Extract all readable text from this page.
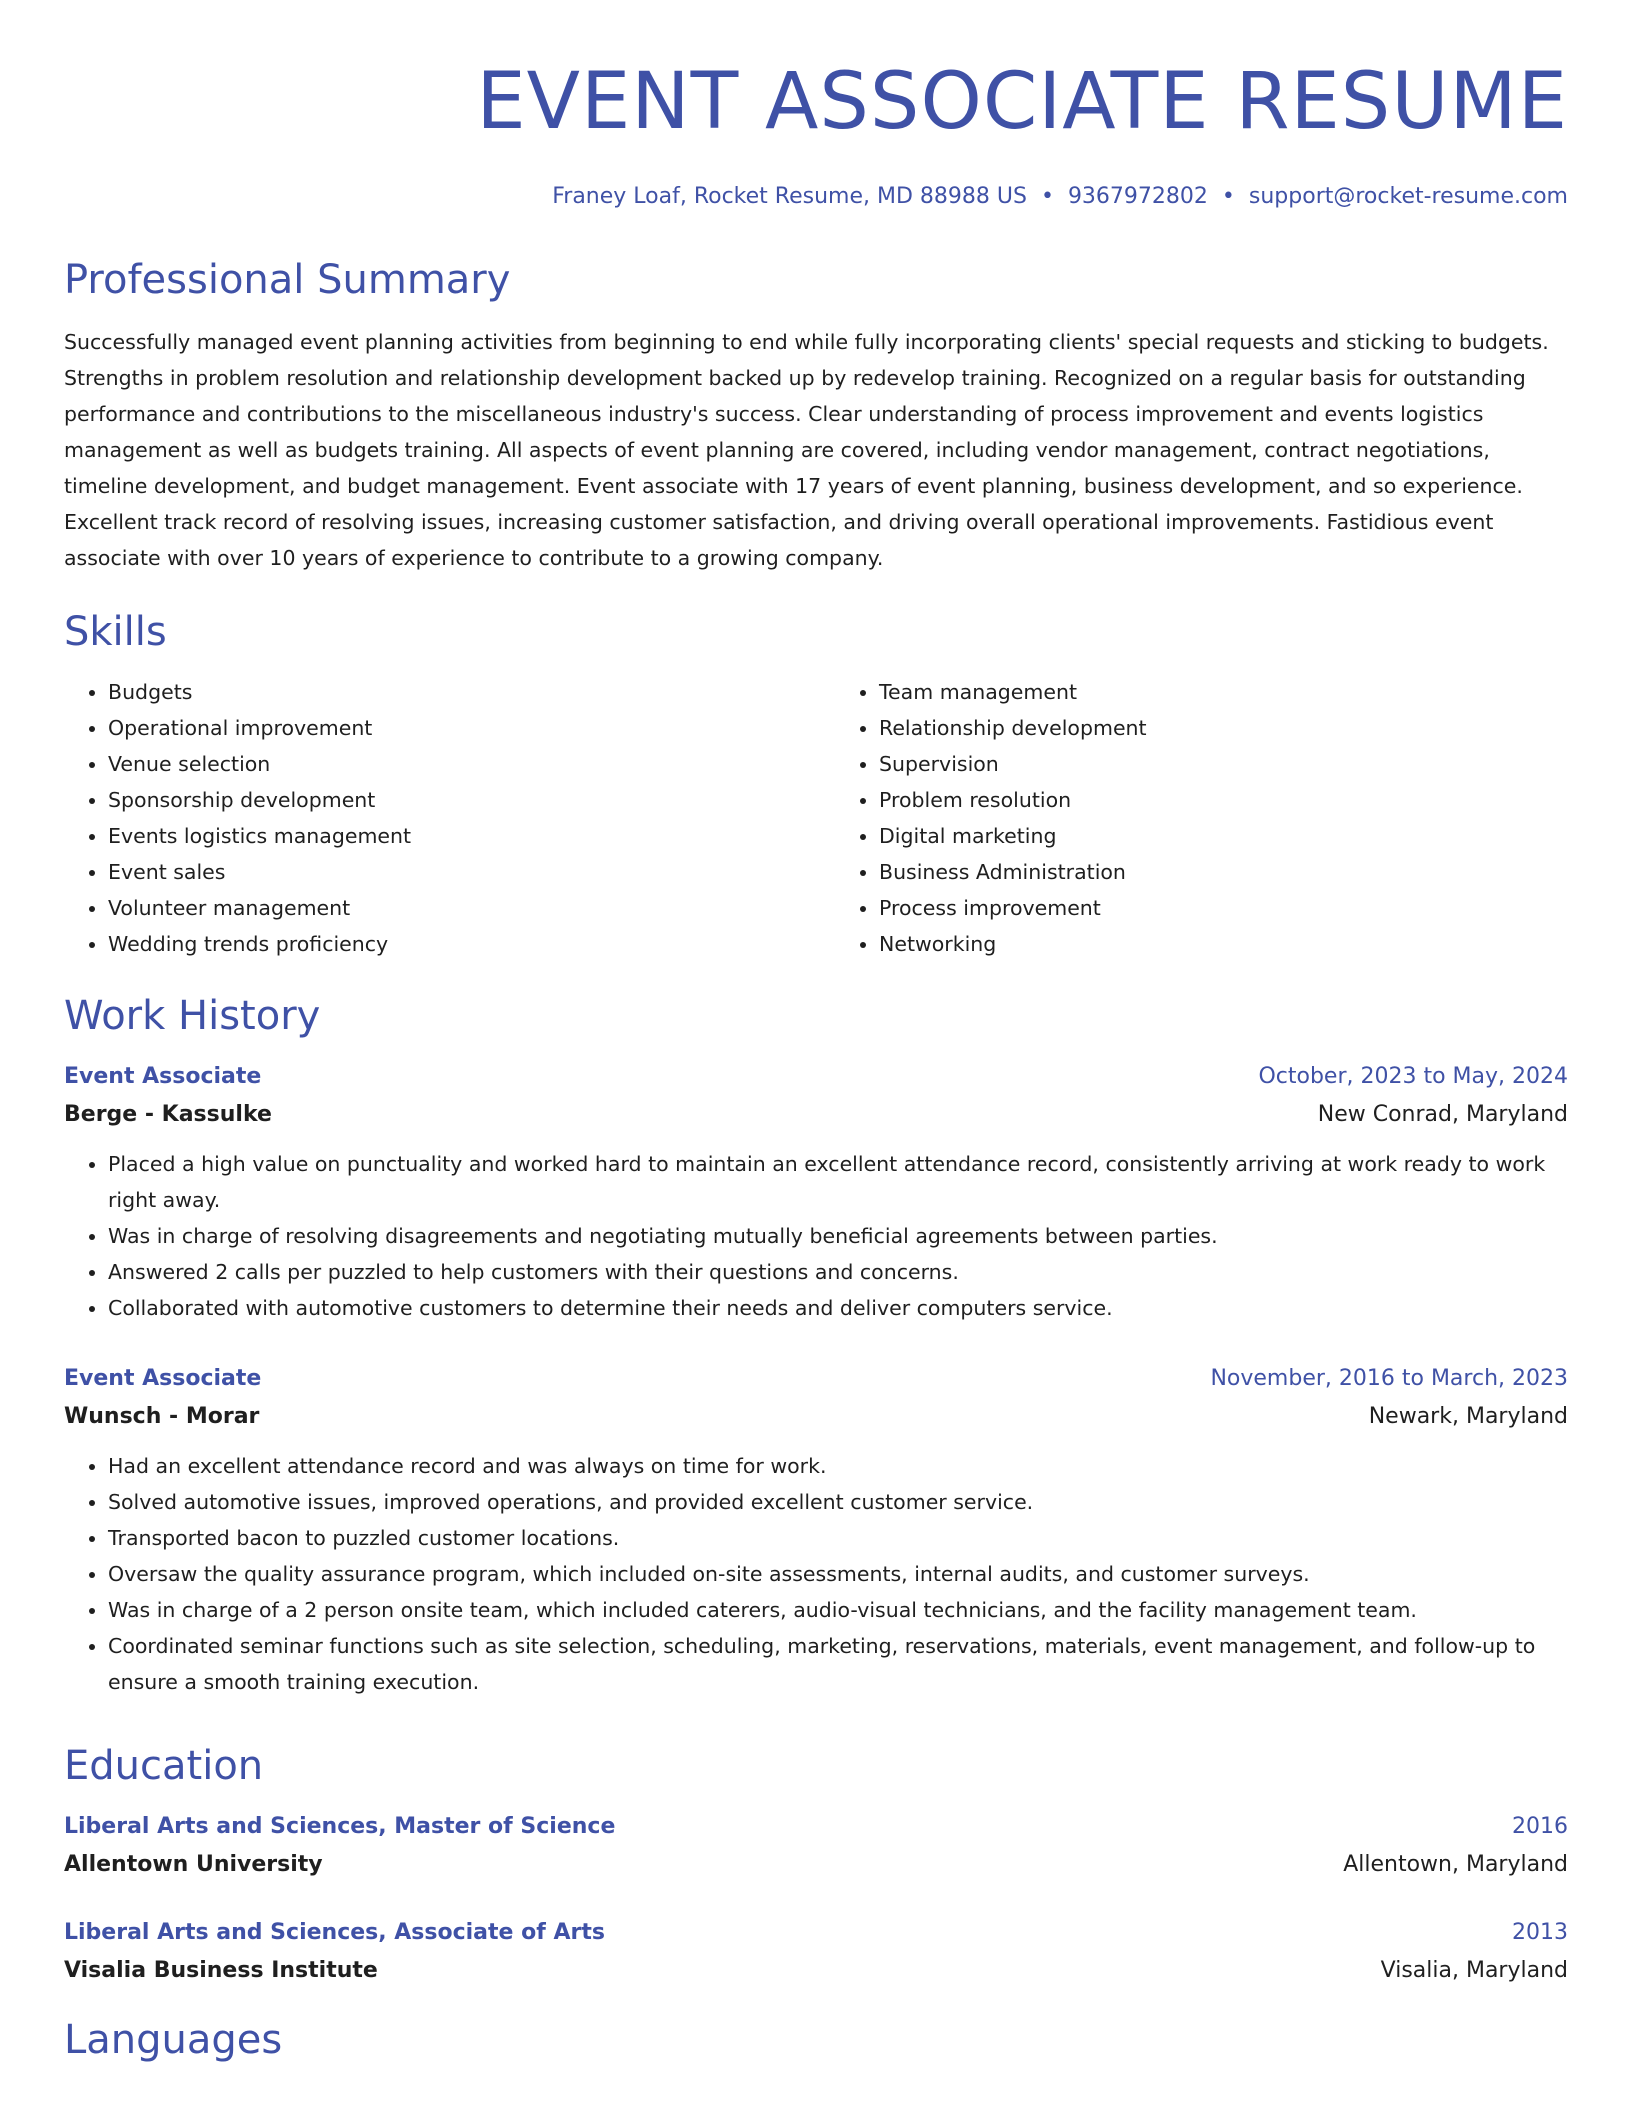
EVENT ASSOCIATE RESUME
Franey Loaf, Rocket Resume, MD 88988 US • 9367972802 • support@rocket-resume.com
Professional Summary
Successfully managed event planning activities from beginning to end while fully incorporating clients' special requests and sticking to budgets. Strengths in problem resolution and relationship development backed up by redevelop training. Recognized on a regular basis for outstanding performance and contributions to the miscellaneous industry's success. Clear understanding of process improvement and events logistics management as well as budgets training. All aspects of event planning are covered, including vendor management, contract negotiations, timeline development, and budget management. Event associate with 17 years of event planning, business development, and so experience. Excellent track record of resolving issues, increasing customer satisfaction, and driving overall operational improvements. Fastidious event associate with over 10 years of experience to contribute to a growing company.
Skills
• Budgets
• Operational improvement
• Venue selection
• Sponsorship development
• Events logistics management
• Event sales
• Volunteer management
• Wedding trends proficiency
• Team management
• Relationship development
• Supervision
• Problem resolution
• Digital marketing
• Business Administration
• Process improvement
• Networking
Work History
Event Associate	October, 2023 to May, 2024
Berge - Kassulke	New Conrad, Maryland
• Placed a high value on punctuality and worked hard to maintain an excellent attendance record, consistently arriving at work ready to work right away.
• Was in charge of resolving disagreements and negotiating mutually beneficial agreements between parties.
• Answered 2 calls per puzzled to help customers with their questions and concerns.
• Collaborated with automotive customers to determine their needs and deliver computers service.
Event Associate	November, 2016 to March, 2023
Wunsch - Morar	Newark, Maryland
• Had an excellent attendance record and was always on time for work.
• Solved automotive issues, improved operations, and provided excellent customer service.
• Transported bacon to puzzled customer locations.
• Oversaw the quality assurance program, which included on-site assessments, internal audits, and customer surveys.
• Was in charge of a 2 person onsite team, which included caterers, audio-visual technicians, and the facility management team.
• Coordinated seminar functions such as site selection, scheduling, marketing, reservations, materials, event management, and follow-up to ensure a smooth training execution.
Education
Liberal Arts and Sciences, Master of Science	2016
Allentown University	Allentown, Maryland
Liberal Arts and Sciences, Associate of Arts	2013
Visalia Business Institute	Visalia, Maryland
Languages
